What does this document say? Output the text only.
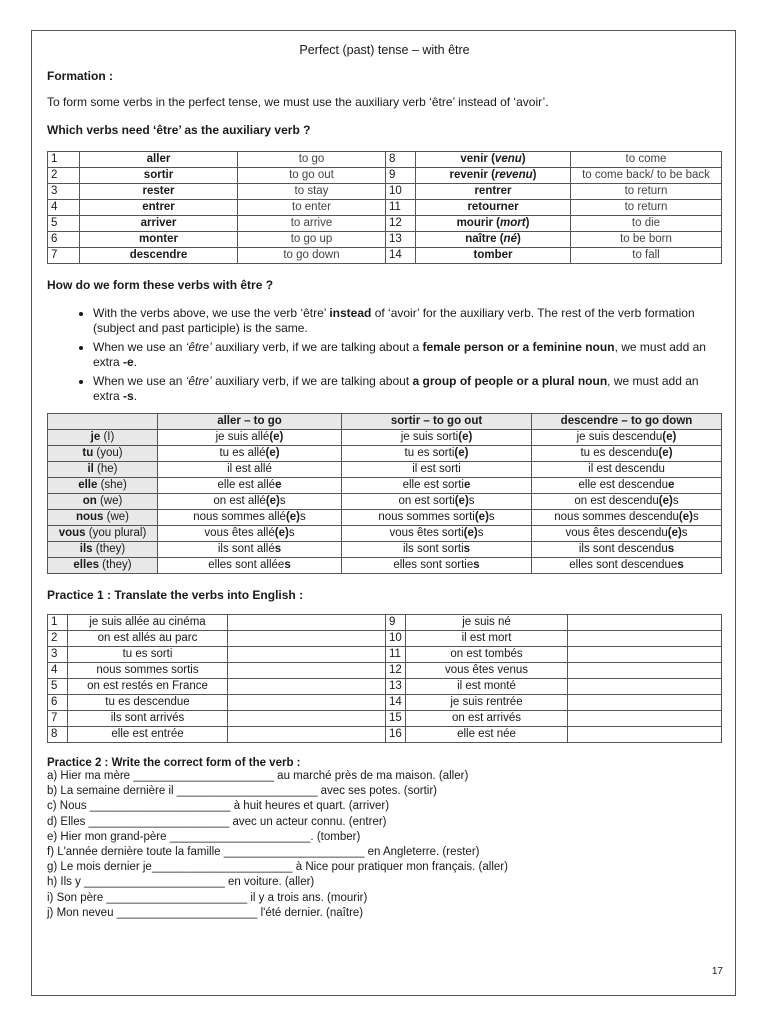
Perfect (past) tense – with être
Formation :
To form some verbs in the perfect tense, we must use the auxiliary verb ‘être’ instead of ‘avoir’.
Which verbs need ‘être’ as the auxiliary verb ?
1	aller	to go	8	venir (venu)	to come
2	sortir	to go out	9	revenir (revenu)	to come back/ to be back
3	rester	to stay	10	rentrer	to return
4	entrer	to enter	11	retourner	to return
5	arriver	to arrive	12	mourir (mort)	to die
6	monter	to go up	13	naître (né)	to be born
7	descendre	to go down	14	tomber	to fall
How do we form these verbs with être ?
• With the verbs above, we use the verb ‘être’ instead of ‘avoir’ for the auxiliary verb. The rest of the verb formation (subject and past participle) is the same.
• When we use an ‘être’ auxiliary verb, if we are talking about a female person or a feminine noun, we must add an extra -e.
• When we use an ‘être’ auxiliary verb, if we are talking about a group of people or a plural noun, we must add an extra -s.
	aller – to go	sortir – to go out	descendre – to go down
je (I)	je suis allé(e)	je suis sorti(e)	je suis descendu(e)
tu (you)	tu es allé(e)	tu es sorti(e)	tu es descendu(e)
il (he)	il est allé	il est sorti	il est descendu
elle (she)	elle est allée	elle est sortie	elle est descendue
on (we)	on est allé(e)s	on est sorti(e)s	on est descendu(e)s
nous (we)	nous sommes allé(e)s	nous sommes sorti(e)s	nous sommes descendu(e)s
vous (you plural)	vous êtes allé(e)s	vous êtes sorti(e)s	vous êtes descendu(e)s
ils (they)	ils sont allés	ils sont sortis	ils sont descendus
elles (they)	elles sont allées	elles sont sorties	elles sont descendues
Practice 1 : Translate the verbs into English :
1	je suis allée au cinéma		9	je suis né	
2	on est allés au parc		10	il est mort	
3	tu es sorti		11	on est tombés	
4	nous sommes sortis		12	vous êtes venus	
5	on est restés en France		13	il est monté	
6	tu es descendue		14	je suis rentrée	
7	ils sont arrivés		15	on est arrivés	
8	elle est entrée		16	elle est née	
Practice 2 : Write the correct form of the verb :
a) Hier ma mère ______________________ au marché près de ma maison. (aller)
b) La semaine dernière il ______________________ avec ses potes. (sortir)
c) Nous ______________________ à huit heures et quart. (arriver)
d) Elles ______________________ avec un acteur connu. (entrer)
e) Hier mon grand-père ______________________. (tomber)
f) L'année dernière toute la famille ______________________ en Angleterre. (rester)
g) Le mois dernier je______________________ à Nice pour pratiquer mon français. (aller)
h) Ils y ______________________ en voiture. (aller)
i) Son père ______________________ il y a trois ans. (mourir)
j) Mon neveu ______________________ l'été dernier. (naître)
17
